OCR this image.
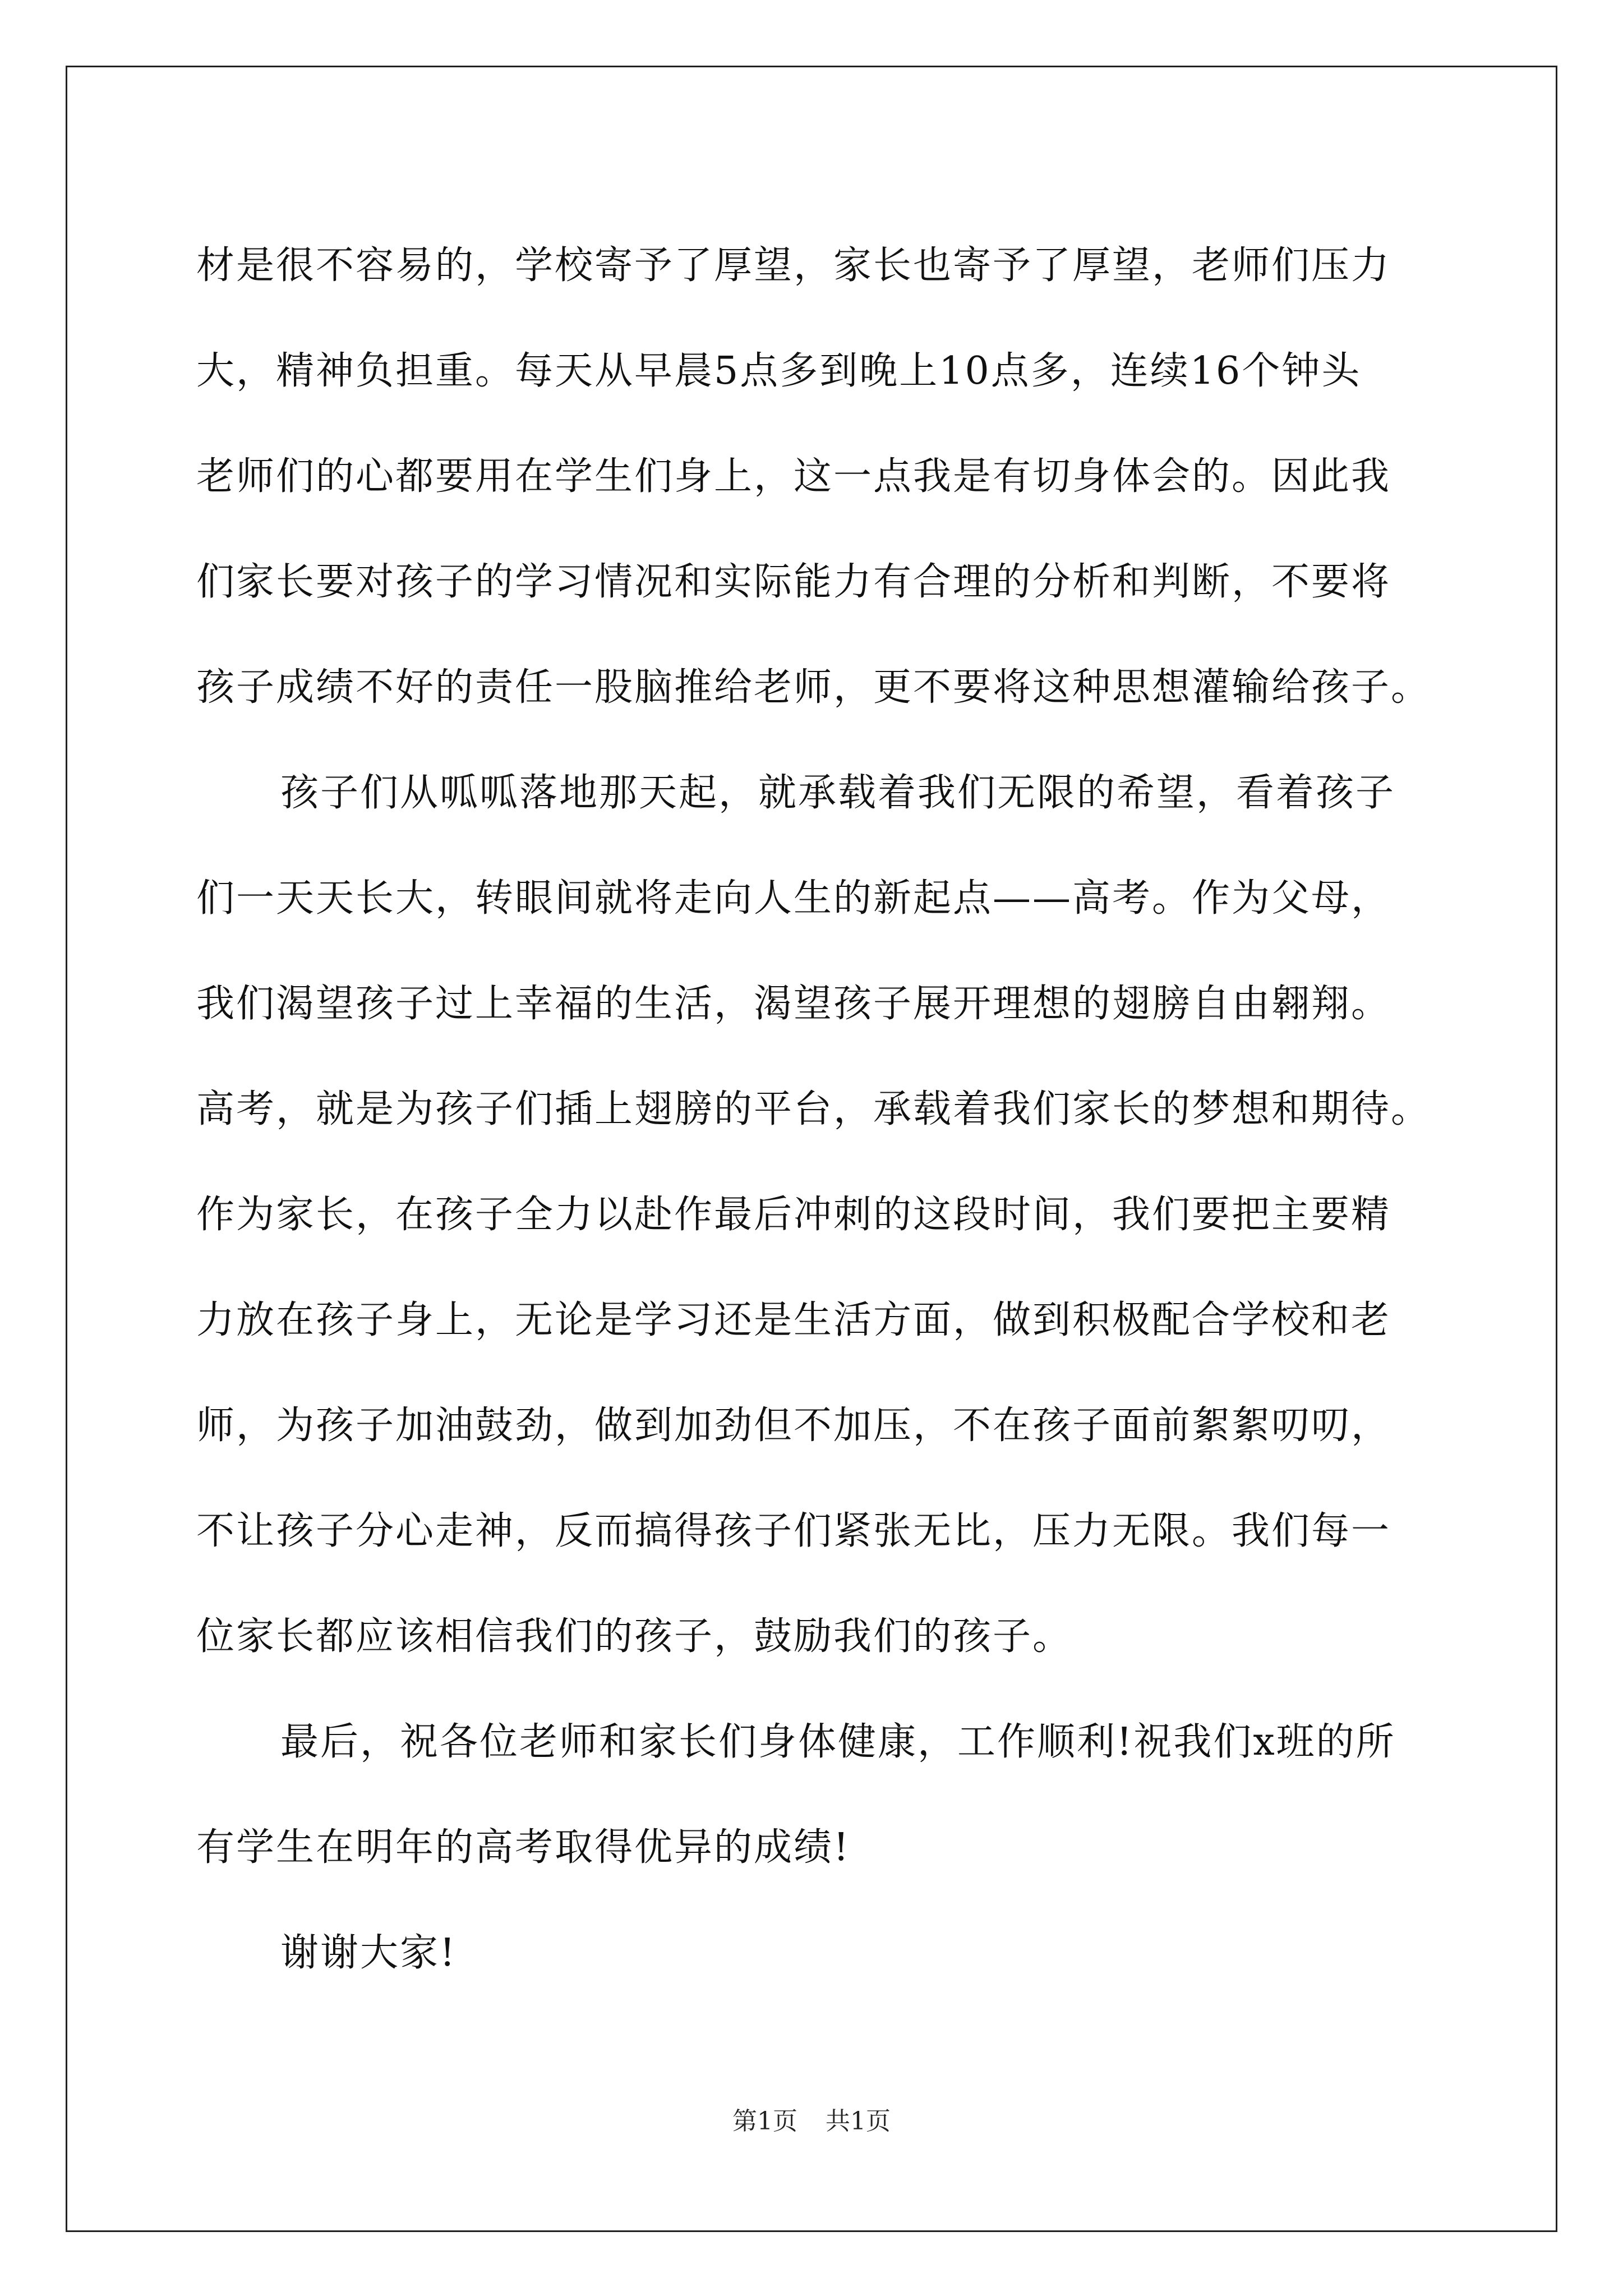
材是很不容易的，学校寄予了厚望，家长也寄予了厚望，老师们压力
大，精神负担重。每天从早晨5点多到晚上10点多，连续16个钟头
老师们的心都要用在学生们身上，这一点我是有切身体会的。因此我
们家长要对孩子的学习情况和实际能力有合理的分析和判断，不要将
孩子成绩不好的责任一股脑推给老师，更不要将这种思想灌输给孩子。
孩子们从呱呱落地那天起，就承载着我们无限的希望，看着孩子
们一天天长大，转眼间就将走向人生的新起点——高考。作为父母，
我们渴望孩子过上幸福的生活，渴望孩子展开理想的翅膀自由翱翔。
高考，就是为孩子们插上翅膀的平台，承载着我们家长的梦想和期待。
作为家长，在孩子全力以赴作最后冲刺的这段时间，我们要把主要精
力放在孩子身上，无论是学习还是生活方面，做到积极配合学校和老
师，为孩子加油鼓劲，做到加劲但不加压，不在孩子面前絮絮叨叨，
不让孩子分心走神，反而搞得孩子们紧张无比，压力无限。我们每一
位家长都应该相信我们的孩子，鼓励我们的孩子。
最后，祝各位老师和家长们身体健康，工作顺利!祝我们x班的所
有学生在明年的高考取得优异的成绩!
谢谢大家!
第1页 共1页
